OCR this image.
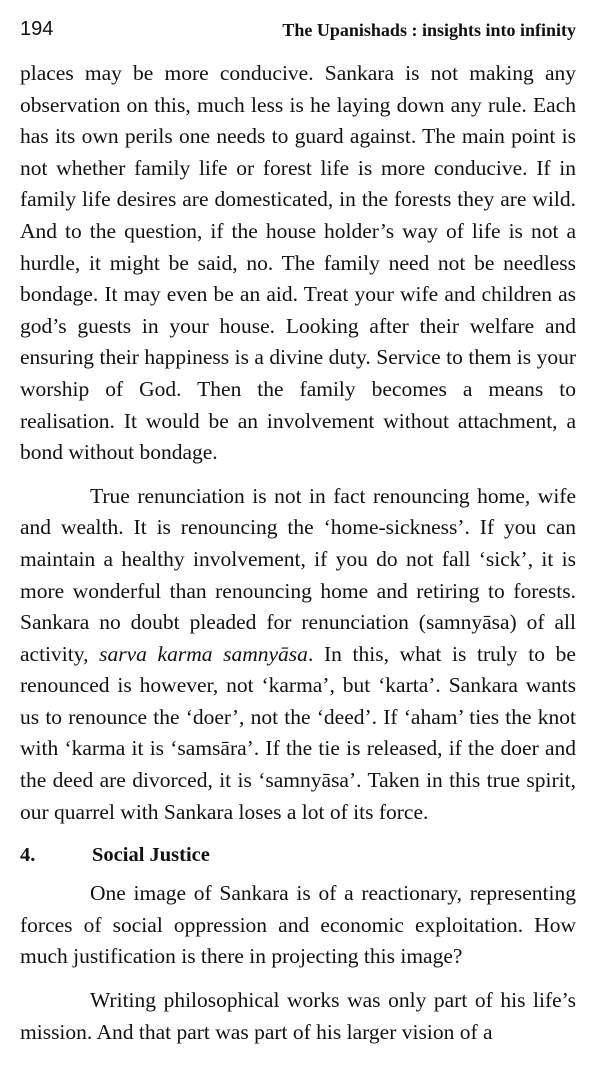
194	The Upanishads : insights into infinity

places may be more conducive. Sankara is not making any observation on this, much less is he laying down any rule. Each has its own perils one needs to guard against. The main point is not whether family life or forest life is more conducive. If in family life desires are domesticated, in the forests they are wild. And to the question, if the house holder’s way of life is not a hurdle, it might be said, no. The family need not be needless bondage. It may even be an aid. Treat your wife and children as god’s guests in your house. Looking after their welfare and ensuring their happiness is a divine duty. Service to them is your worship of God. Then the family becomes a means to realisation. It would be an involvement without attachment, a bond without bondage.

True renunciation is not in fact renouncing home, wife and wealth. It is renouncing the ‘home-sickness’. If you can maintain a healthy involvement, if you do not fall ‘sick’, it is more wonderful than renouncing home and retiring to forests. Sankara no doubt pleaded for renunciation (samnyāsa) of all activity, sarva karma samnyāsa. In this, what is truly to be renounced is however, not ‘karma’, but ‘karta’. Sankara wants us to renounce the ‘doer’, not the ‘deed’. If ‘aham’ ties the knot with ‘karma it is ‘samsāra’. If the tie is released, if the doer and the deed are divorced, it is ‘samnyāsa’. Taken in this true spirit, our quarrel with Sankara loses a lot of its force.

4.	Social Justice

One image of Sankara is of a reactionary, representing forces of social oppression and economic exploitation. How much justification is there in projecting this image?

Writing philosophical works was only part of his life’s mission. And that part was part of his larger vision of a
